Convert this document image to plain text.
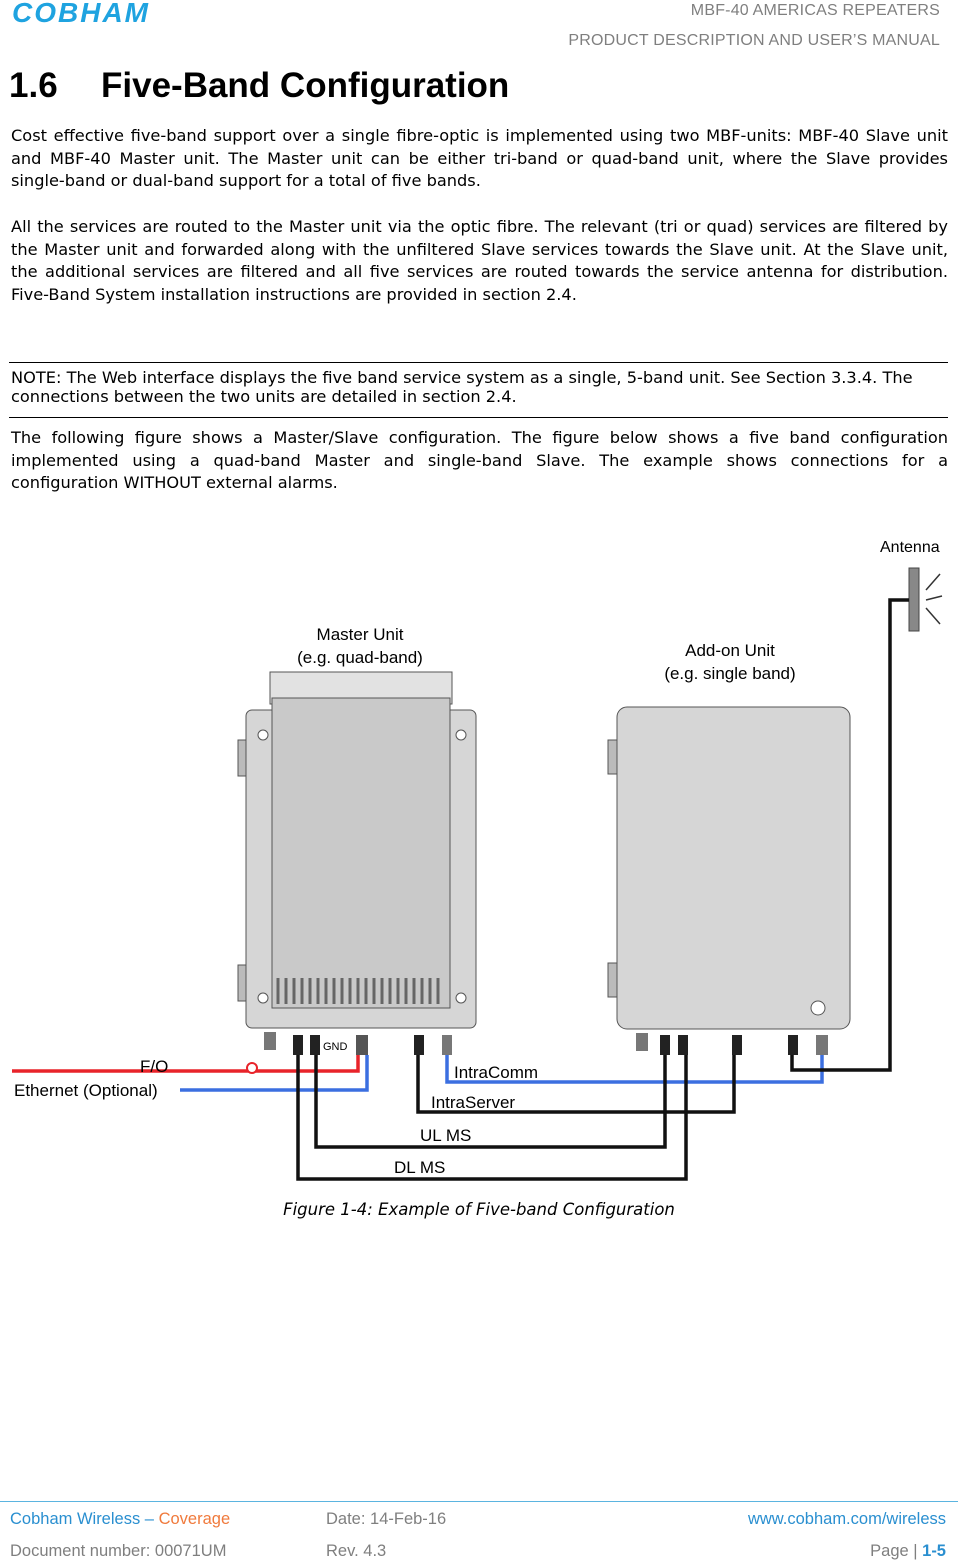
COBHAM	MBF-40 AMERICAS REPEATERS
PRODUCT DESCRIPTION AND USER’S MANUAL
1.6 Five-Band Configuration

Cost effective five-band support over a single fibre-optic is implemented using two MBF-units: MBF-40 Slave unit and MBF-40 Master unit. The Master unit can be either tri-band or quad-band unit, where the Slave provides single-band or dual-band support for a total of five bands.

All the services are routed to the Master unit via the optic fibre. The relevant (tri or quad) services are filtered by the Master unit and forwarded along with the unfiltered Slave services towards the Slave unit. At the Slave unit, the additional services are filtered and all five services are routed towards the service antenna for distribution. Five-Band System installation instructions are provided in section 2.4.

NOTE: The Web interface displays the five band service system as a single, 5-band unit. See Section 3.3.4. The connections between the two units are detailed in section 2.4.

The following figure shows a Master/Slave configuration. The figure below shows a five band configuration implemented using a quad-band Master and single-band Slave. The example shows connections for a configuration WITHOUT external alarms.

Antenna
Master Unit
(e.g. quad-band)
GND
Add-on Unit
(e.g. single band)
F/O
Ethernet (Optional)
IntraComm
IntraServer
UL MS
DL MS
Figure 1-4: Example of Five-band Configuration
Cobham Wireless – Coverage	Date: 14-Feb-16	www.cobham.com/wireless
Document number: 00071UM	Rev. 4.3	Page | 1-5
